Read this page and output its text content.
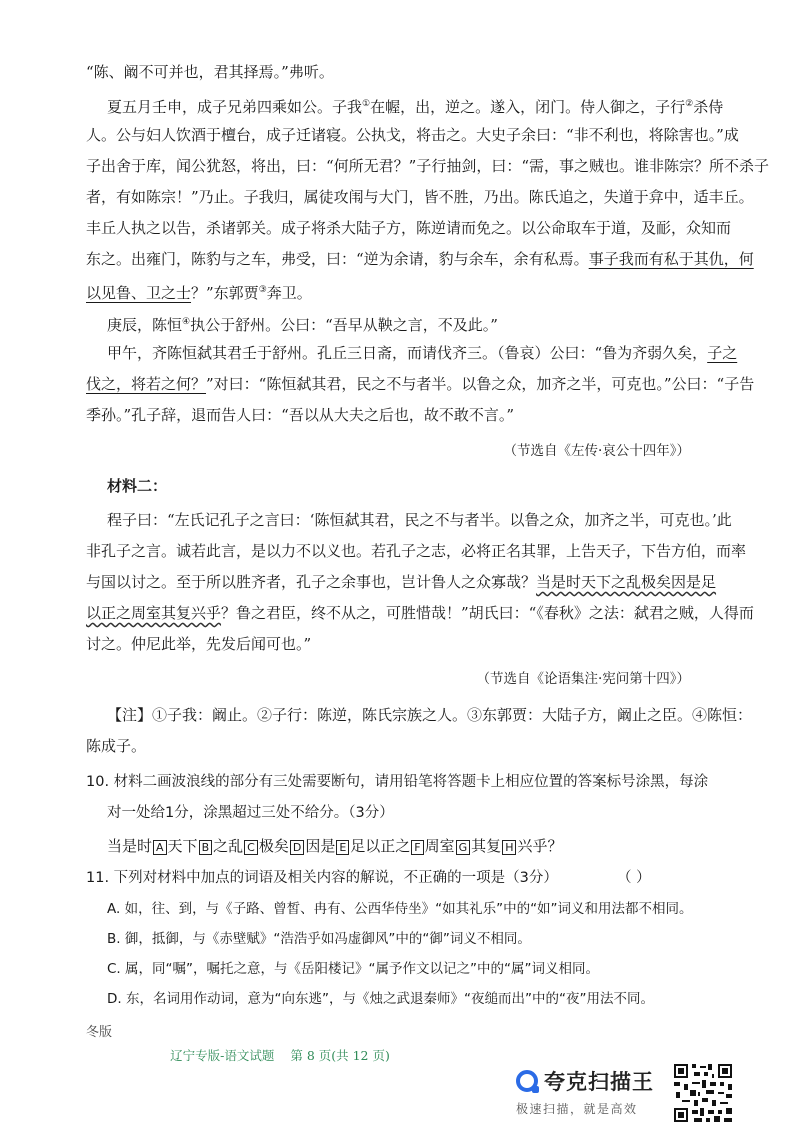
“陈、阚不可并也，君其择焉。”弗听。
夏五月壬申，成子兄弟四乘如公。子我①在幄，出，逆之。遂入，闭门。侍人御之，子行②杀侍
人。公与妇人饮酒于檀台，成子迁诸寝。公执戈，将击之。大史子余曰：“非不利也，将除害也。”成
子出舍于库，闻公犹怒，将出，曰：“何所无君？”子行抽剑，曰：“需，事之贼也。谁非陈宗？所不杀子
者，有如陈宗！”乃止。子我归，属徒攻闱与大门，皆不胜，乃出。陈氏追之，失道于弇中，适丰丘。
丰丘人执之以告，杀诸郭关。成子将杀大陆子方，陈逆请而免之。以公命取车于道，及耏，众知而
东之。出雍门，陈豹与之车，弗受，曰：“逆为余请，豹与余车，余有私焉。事子我而有私于其仇，何
以见鲁、卫之士？”东郭贾③奔卫。
庚辰，陈恒④执公于舒州。公曰：“吾早从鞅之言，不及此。”
甲午，齐陈恒弑其君壬于舒州。孔丘三日斋，而请伐齐三。（鲁哀）公曰：“鲁为齐弱久矣，子之
伐之，将若之何？”对曰：“陈恒弑其君，民之不与者半。以鲁之众，加齐之半，可克也。”公曰：“子告
季孙。”孔子辞，退而告人曰：“吾以从大夫之后也，故不敢不言。”
（节选自《左传·哀公十四年》）
材料二：
程子曰：“左氏记孔子之言曰：‘陈恒弑其君，民之不与者半。以鲁之众，加齐之半，可克也。’此
非孔子之言。诚若此言，是以力不以义也。若孔子之志，必将正名其罪，上告天子，下告方伯，而率
与国以讨之。至于所以胜齐者，孔子之余事也，岂计鲁人之众寡哉？当是时天下之乱极矣因是足
以正之周室其复兴乎？鲁之君臣，终不从之，可胜惜哉！”胡氏曰：“《春秋》之法：弑君之贼，人得而
讨之。仲尼此举，先发后闻可也。”
（节选自《论语集注·宪问第十四》）
【注】①子我：阚止。②子行：陈逆，陈氏宗族之人。③东郭贾：大陆子方，阚止之臣。④陈恒：
陈成子。
10. 材料二画波浪线的部分有三处需要断句，请用铅笔将答题卡上相应位置的答案标号涂黑，每涂
对一处给1分，涂黑超过三处不给分。（3分）
当是时 A 天下 B 之乱 C 极矣 D 因是 E 足以正之 F 周室 G 其复 H 兴乎？
11. 下列对材料中加点的词语及相关内容的解说，不正确的一项是（3分）	（ ）
A. 如，往、到，与《子路、曾皙、冉有、公西华侍坐》“如其礼乐”中的“如”词义和用法都不相同。
B. 御，抵御，与《赤壁赋》“浩浩乎如冯虚御风”中的“御”词义不相同。
C. 属，同“嘱”，嘱托之意，与《岳阳楼记》“属予作文以记之”中的“属”词义相同。
D. 东，名词用作动词，意为“向东逃”，与《烛之武退秦师》“夜缒而出”中的“夜”用法不同。
冬版
辽宁专版-语文试题 第 8 页(共 12 页)
夸克扫描王
极速扫描，就是高效
